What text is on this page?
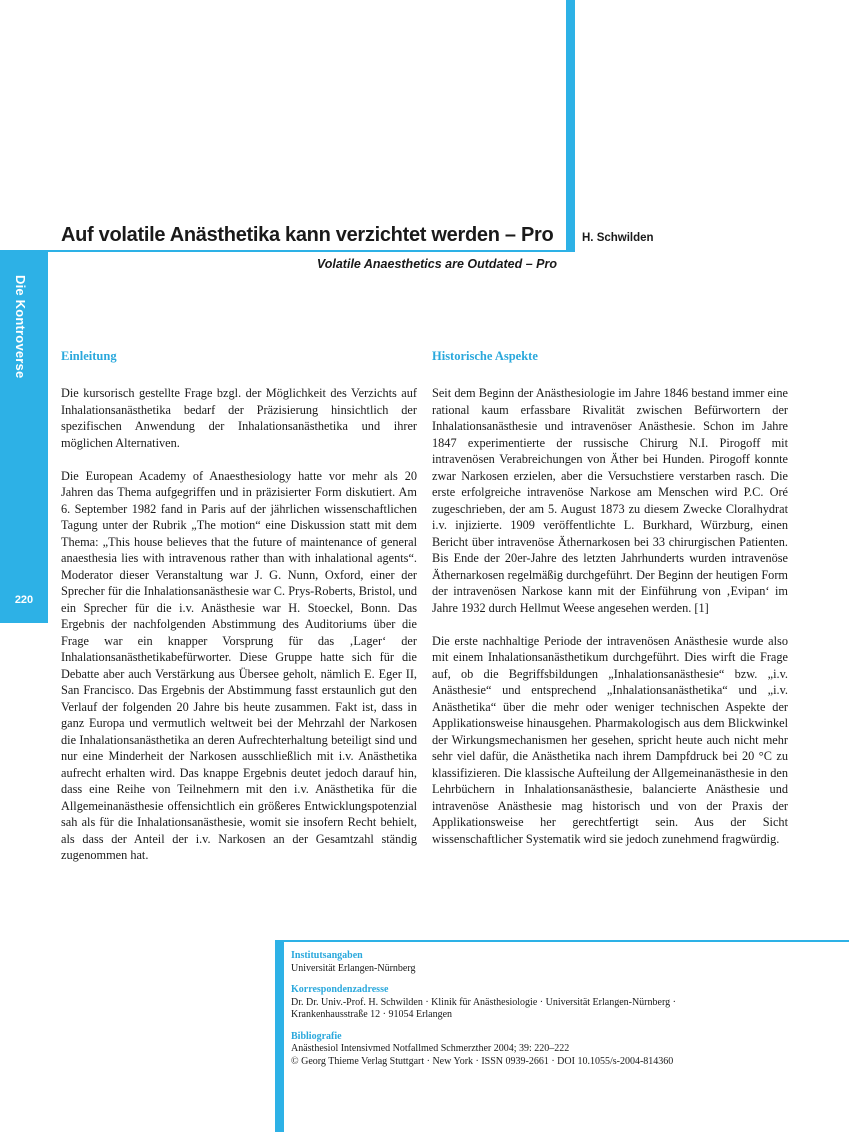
Die Kontroverse
220
Auf volatile Anästhetika kann verzichtet werden – Pro H. Schwilden
Volatile Anaesthetics are Outdated – Pro
Einleitung

Die kursorisch gestellte Frage bzgl. der Möglichkeit des Verzichts auf Inhalationsanästhetika bedarf der Präzisierung hinsichtlich der spezifischen Anwendung der Inhalationsanästhetika und ihrer möglichen Alternativen.

Die European Academy of Anaesthesiology hatte vor mehr als 20 Jahren das Thema aufgegriffen und in präzisierter Form diskutiert. Am 6. September 1982 fand in Paris auf der jährlichen wissenschaftlichen Tagung unter der Rubrik „The motion“ eine Diskussion statt mit dem Thema: „This house believes that the future of maintenance of general anaesthesia lies with intravenous rather than with inhalational agents“. Moderator dieser Veranstaltung war J. G. Nunn, Oxford, einer der Sprecher für die Inhalationsanästhesie war C. Prys-Roberts, Bristol, und ein Sprecher für die i.v. Anästhesie war H. Stoeckel, Bonn. Das Ergebnis der nachfolgenden Abstimmung des Auditoriums über die Frage war ein knapper Vorsprung für das ‚Lager‘ der Inhalationsanästhetikabefürworter. Diese Gruppe hatte sich für die Debatte aber auch Verstärkung aus Übersee geholt, nämlich E. Eger II, San Francisco. Das Ergebnis der Abstimmung fasst erstaunlich gut den Verlauf der folgenden 20 Jahre bis heute zusammen. Fakt ist, dass in ganz Europa und vermutlich weltweit bei der Mehrzahl der Narkosen die Inhalationsanästhetika an deren Aufrechterhaltung beteiligt sind und nur eine Minderheit der Narkosen ausschließlich mit i.v. Anästhetika aufrecht erhalten wird. Das knappe Ergebnis deutet jedoch darauf hin, dass eine Reihe von Teilnehmern mit den i.v. Anästhetika für die Allgemeinanästhesie offensichtlich ein größeres Entwicklungspotenzial sah als für die Inhalationsanästhesie, womit sie insofern Recht behielt, als dass der Anteil der i.v. Narkosen an der Gesamtzahl ständig zugenommen hat.

Historische Aspekte

Seit dem Beginn der Anästhesiologie im Jahre 1846 bestand immer eine rational kaum erfassbare Rivalität zwischen Befürwortern der Inhalationsanästhesie und intravenöser Anästhesie. Schon im Jahre 1847 experimentierte der russische Chirurg N.I. Pirogoff mit intravenösen Verabreichungen von Äther bei Hunden. Pirogoff konnte zwar Narkosen erzielen, aber die Versuchstiere verstarben rasch. Die erste erfolgreiche intravenöse Narkose am Menschen wird P.C. Oré zugeschrieben, der am 5. August 1873 zu diesem Zwecke Cloralhydrat i.v. injizierte. 1909 veröffentlichte L. Burkhard, Würzburg, einen Bericht über intravenöse Äthernarkosen bei 33 chirurgischen Patienten. Bis Ende der 20er-Jahre des letzten Jahrhunderts wurden intravenöse Äthernarkosen regelmäßig durchgeführt. Der Beginn der heutigen Form der intravenösen Narkose kann mit der Einführung von ‚Evipan‘ im Jahre 1932 durch Hellmut Weese angesehen werden. [1]

Die erste nachhaltige Periode der intravenösen Anästhesie wurde also mit einem Inhalationsanästhetikum durchgeführt. Dies wirft die Frage auf, ob die Begriffsbildungen „Inhalationsanästhesie“ bzw. „i.v. Anästhesie“ und entsprechend „Inhalationsanästhetika“ und „i.v. Anästhetika“ über die mehr oder weniger technischen Aspekte der Applikationsweise hinausgehen. Pharmakologisch aus dem Blickwinkel der Wirkungsmechanismen her gesehen, spricht heute auch nicht mehr sehr viel dafür, die Anästhetika nach ihrem Dampfdruck bei 20 °C zu klassifizieren. Die klassische Aufteilung der Allgemeinanästhesie in den Lehrbüchern in Inhalationsanästhesie, balancierte Anästhesie und intravenöse Anästhesie mag historisch und von der Praxis der Applikationsweise her gerechtfertigt sein. Aus der Sicht wissenschaftlicher Systematik wird sie jedoch zunehmend fragwürdig.

Institutsangaben
Universität Erlangen-Nürnberg
Korrespondenzadresse
Dr. Dr. Univ.-Prof. H. Schwilden · Klinik für Anästhesiologie · Universität Erlangen-Nürnberg ·
Krankenhausstraße 12 · 91054 Erlangen
Bibliografie
Anästhesiol Intensivmed Notfallmed Schmerzther 2004; 39: 220–222
© Georg Thieme Verlag Stuttgart · New York · ISSN 0939-2661 · DOI 10.1055/s-2004-814360
